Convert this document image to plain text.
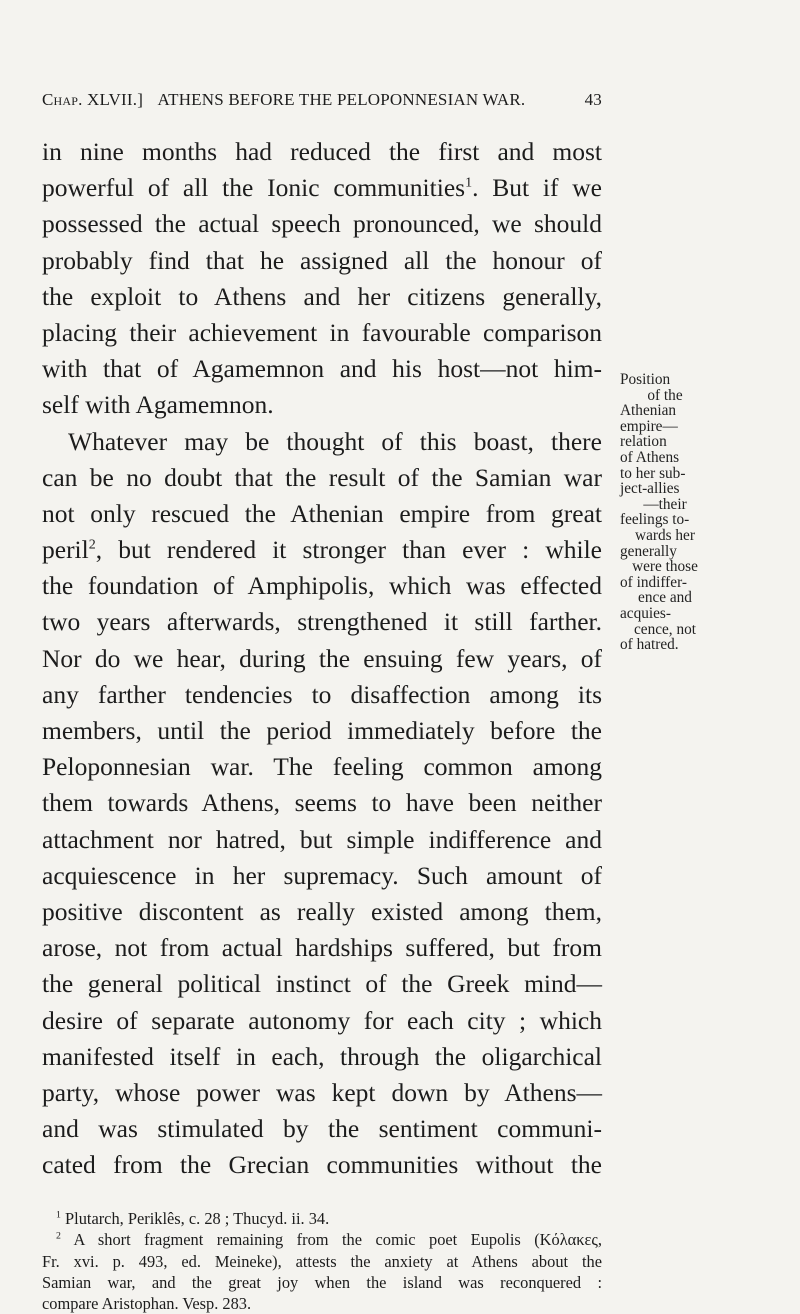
Chap. XLVII.] ATHENS BEFORE THE PELOPONNESIAN WAR.	43
in nine months had reduced the first and most
powerful of all the Ionic communities$^1$. But if we
possessed the actual speech pronounced, we should
probably find that he assigned all the honour of
the exploit to Athens and her citizens generally,
placing their achievement in favourable comparison
with that of Agamemnon and his host—not him-
self with Agamemnon.
Whatever may be thought of this boast, there
can be no doubt that the result of the Samian war
not only rescued the Athenian empire from great
peril$^2$, but rendered it stronger than ever : while
the foundation of Amphipolis, which was effected
two years afterwards, strengthened it still farther.
Nor do we hear, during the ensuing few years, of
any farther tendencies to disaffection among its
members, until the period immediately before the
Peloponnesian war. The feeling common among
them towards Athens, seems to have been neither
attachment nor hatred, but simple indifference and
acquiescence in her supremacy. Such amount of
positive discontent as really existed among them,
arose, not from actual hardships suffered, but from
the general political instinct of the Greek mind—
desire of separate autonomy for each city ; which
manifested itself in each, through the oligarchical
party, whose power was kept down by Athens—
and was stimulated by the sentiment communi-
cated from the Grecian communities without the
Position
of the
Athenian
empire—
relation
of Athens
to her sub-
ject-allies
—their
feelings to-
wards her
generally
were those
of indiffer-
ence and
acquies-
cence, not
of hatred.
$^1$ Plutarch, Periklês, c. 28 ; Thucyd. ii. 34.
$^2$ A short fragment remaining from the comic poet Eupolis (Κόλακες,
Fr. xvi. p. 493, ed. Meineke), attests the anxiety at Athens about the
Samian war, and the great joy when the island was reconquered :
compare Aristophan. Vesp. 283.
